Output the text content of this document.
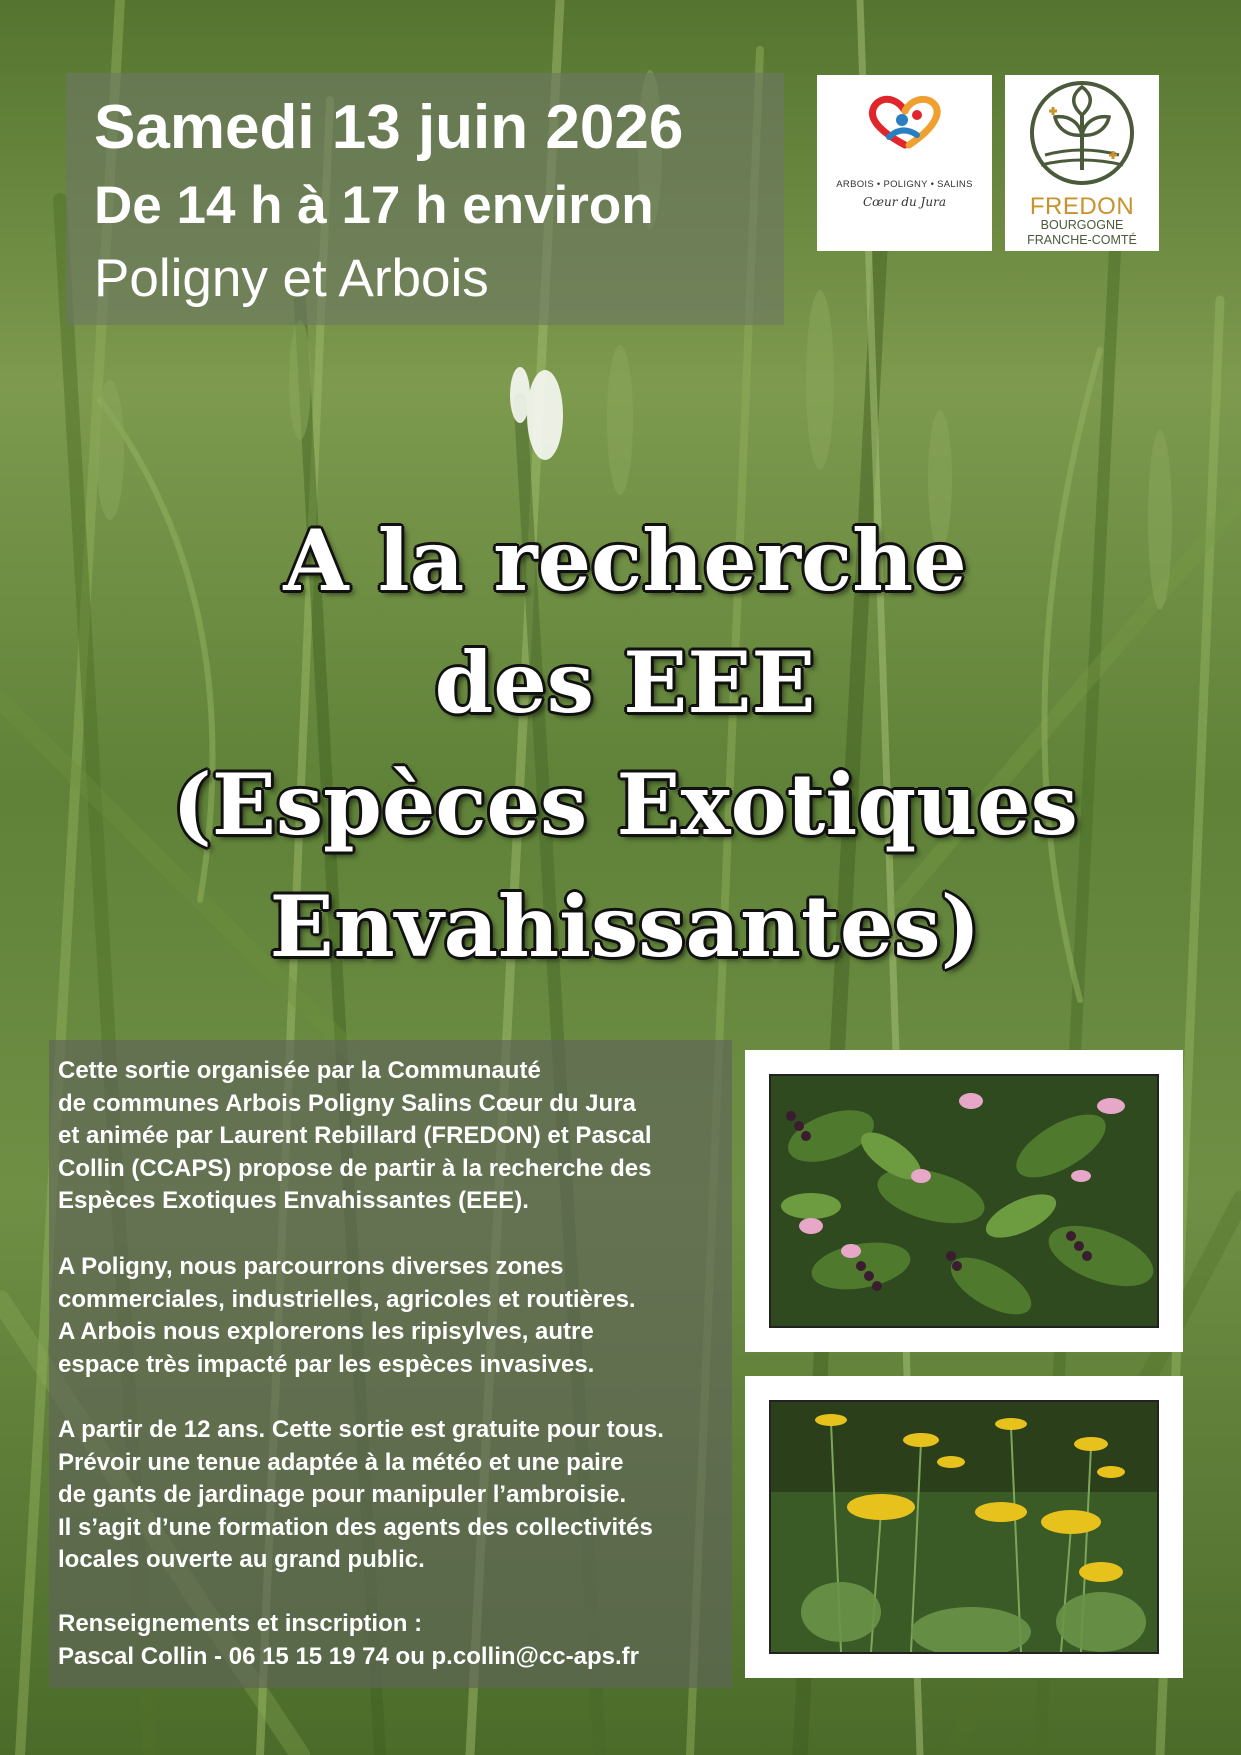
Samedi 13 juin 2026
De 14 h à 17 h environ
Poligny et Arbois
ARBOIS • POLIGNY • SALINS
Cœur du Jura	FREDON
BOURGOGNE
FRANCHE-COMTÉ
A la recherche
des EEE
(Espèces Exotiques
Envahissantes)
Cette sortie organisée par la Communauté
de communes Arbois Poligny Salins Cœur du Jura
et animée par Laurent Rebillard (FREDON) et Pascal
Collin (CCAPS) propose de partir à la recherche des
Espèces Exotiques Envahissantes (EEE).
A Poligny, nous parcourrons diverses zones
commerciales, industrielles, agricoles et routières.
A Arbois nous explorerons les ripisylves, autre
espace très impacté par les espèces invasives.
A partir de 12 ans. Cette sortie est gratuite pour tous.
Prévoir une tenue adaptée à la météo et une paire
de gants de jardinage pour manipuler l’ambroisie.
Il s’agit d’une formation des agents des collectivités
locales ouverte au grand public.
Renseignements et inscription :
Pascal Collin - 06 15 15 19 74 ou p.collin@cc-aps.fr
